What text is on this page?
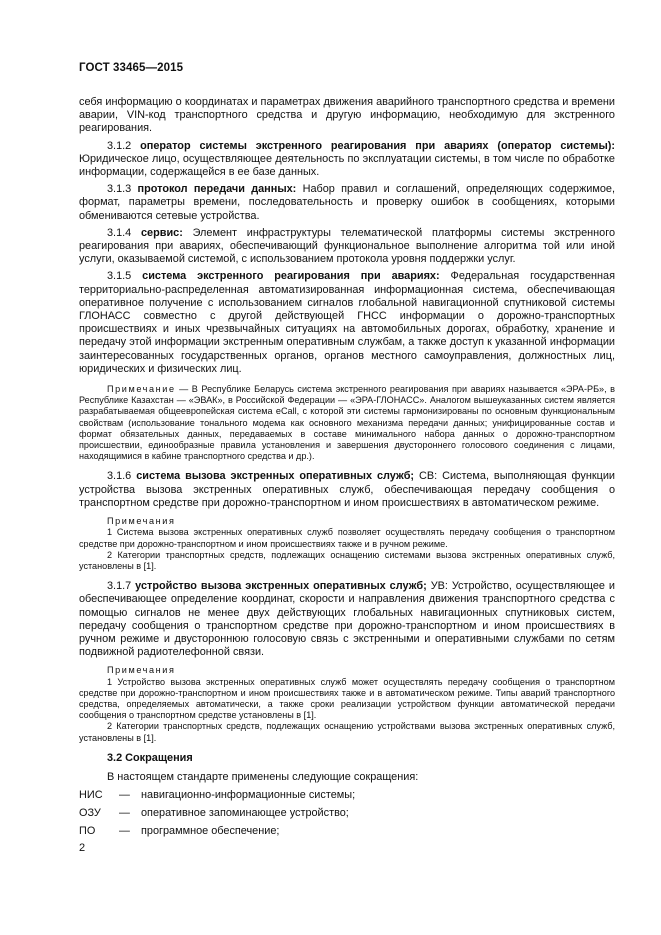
ГОСТ 33465—2015

себя информацию о координатах и параметрах движения аварийного транспортного средства и времени аварии, VIN-код транспортного средства и другую информацию, необходимую для экстренного реагирования.

3.1.2 оператор системы экстренного реагирования при авариях (оператор системы): Юридическое лицо, осуществляющее деятельность по эксплуатации системы, в том числе по обработке информации, содержащейся в ее базе данных.

3.1.3 протокол передачи данных: Набор правил и соглашений, определяющих содержимое, формат, параметры времени, последовательность и проверку ошибок в сообщениях, которыми обмениваются сетевые устройства.

3.1.4 сервис: Элемент инфраструктуры телематической платформы системы экстренного реагирования при авариях, обеспечивающий функциональное выполнение алгоритма той или иной услуги, оказываемой системой, с использованием протокола уровня поддержки услуг.

3.1.5 система экстренного реагирования при авариях: Федеральная государственная территориально-распределенная автоматизированная информационная система, обеспечивающая оперативное получение с использованием сигналов глобальной навигационной спутниковой системы ГЛОНАСС совместно с другой действующей ГНСС информации о дорожно-транспортных происшествиях и иных чрезвычайных ситуациях на автомобильных дорогах, обработку, хранение и передачу этой информации экстренным оперативным службам, а также доступ к указанной информации заинтересованных государственных органов, органов местного самоуправления, должностных лиц, юридических и физических лиц.

Примечание — В Республике Беларусь система экстренного реагирования при авариях называется «ЭРА-РБ», в Республике Казахстан — «ЭВАК», в Российской Федерации — «ЭРА-ГЛОНАСС». Аналогом вышеуказанных систем является разрабатываемая общеевропейская система eCall, с которой эти системы гармонизированы по основным функциональным свойствам (использование тонального модема как основного механизма передачи данных; унифицированные состав и формат обязательных данных, передаваемых в составе минимального набора данных о дорожно-транспортном происшествии, единообразные правила установления и завершения двустороннего голосового соединения с лицами, находящимися в кабине транспортного средства и др.).

3.1.6 система вызова экстренных оперативных служб; СВ: Система, выполняющая функции устройства вызова экстренных оперативных служб, обеспечивающая передачу сообщения о транспортном средстве при дорожно-транспортном и ином происшествиях в автоматическом режиме.

Примечания

1 Система вызова экстренных оперативных служб позволяет осуществлять передачу сообщения о транспортном средстве при дорожно-транспортном и ином происшествиях также и в ручном режиме.

2 Категории транспортных средств, подлежащих оснащению системами вызова экстренных оперативных служб, установлены в [1].

3.1.7 устройство вызова экстренных оперативных служб; УВ: Устройство, осуществляющее и обеспечивающее определение координат, скорости и направления движения транспортного средства с помощью сигналов не менее двух действующих глобальных навигационных спутниковых систем, передачу сообщения о транспортном средстве при дорожно-транспортном и ином происшествиях в ручном режиме и двустороннюю голосовую связь с экстренными и оперативными службами по сетям подвижной радиотелефонной связи.

Примечания

1 Устройство вызова экстренных оперативных служб может осуществлять передачу сообщения о транспортном средстве при дорожно-транспортном и ином происшествиях также и в автоматическом режиме. Типы аварий транспортного средства, определяемых автоматически, а также сроки реализации устройством функции автоматической передачи сообщения о транспортном средстве установлены в [1].

2 Категории транспортных средств, подлежащих оснащению устройствами вызова экстренных оперативных служб, установлены в [1].

3.2 Сокращения

В настоящем стандарте применены следующие сокращения:

НИС	—	навигационно-информационные системы;
ОЗУ	—	оперативное запоминающее устройство;
ПО	—	программное обеспечение;
2
